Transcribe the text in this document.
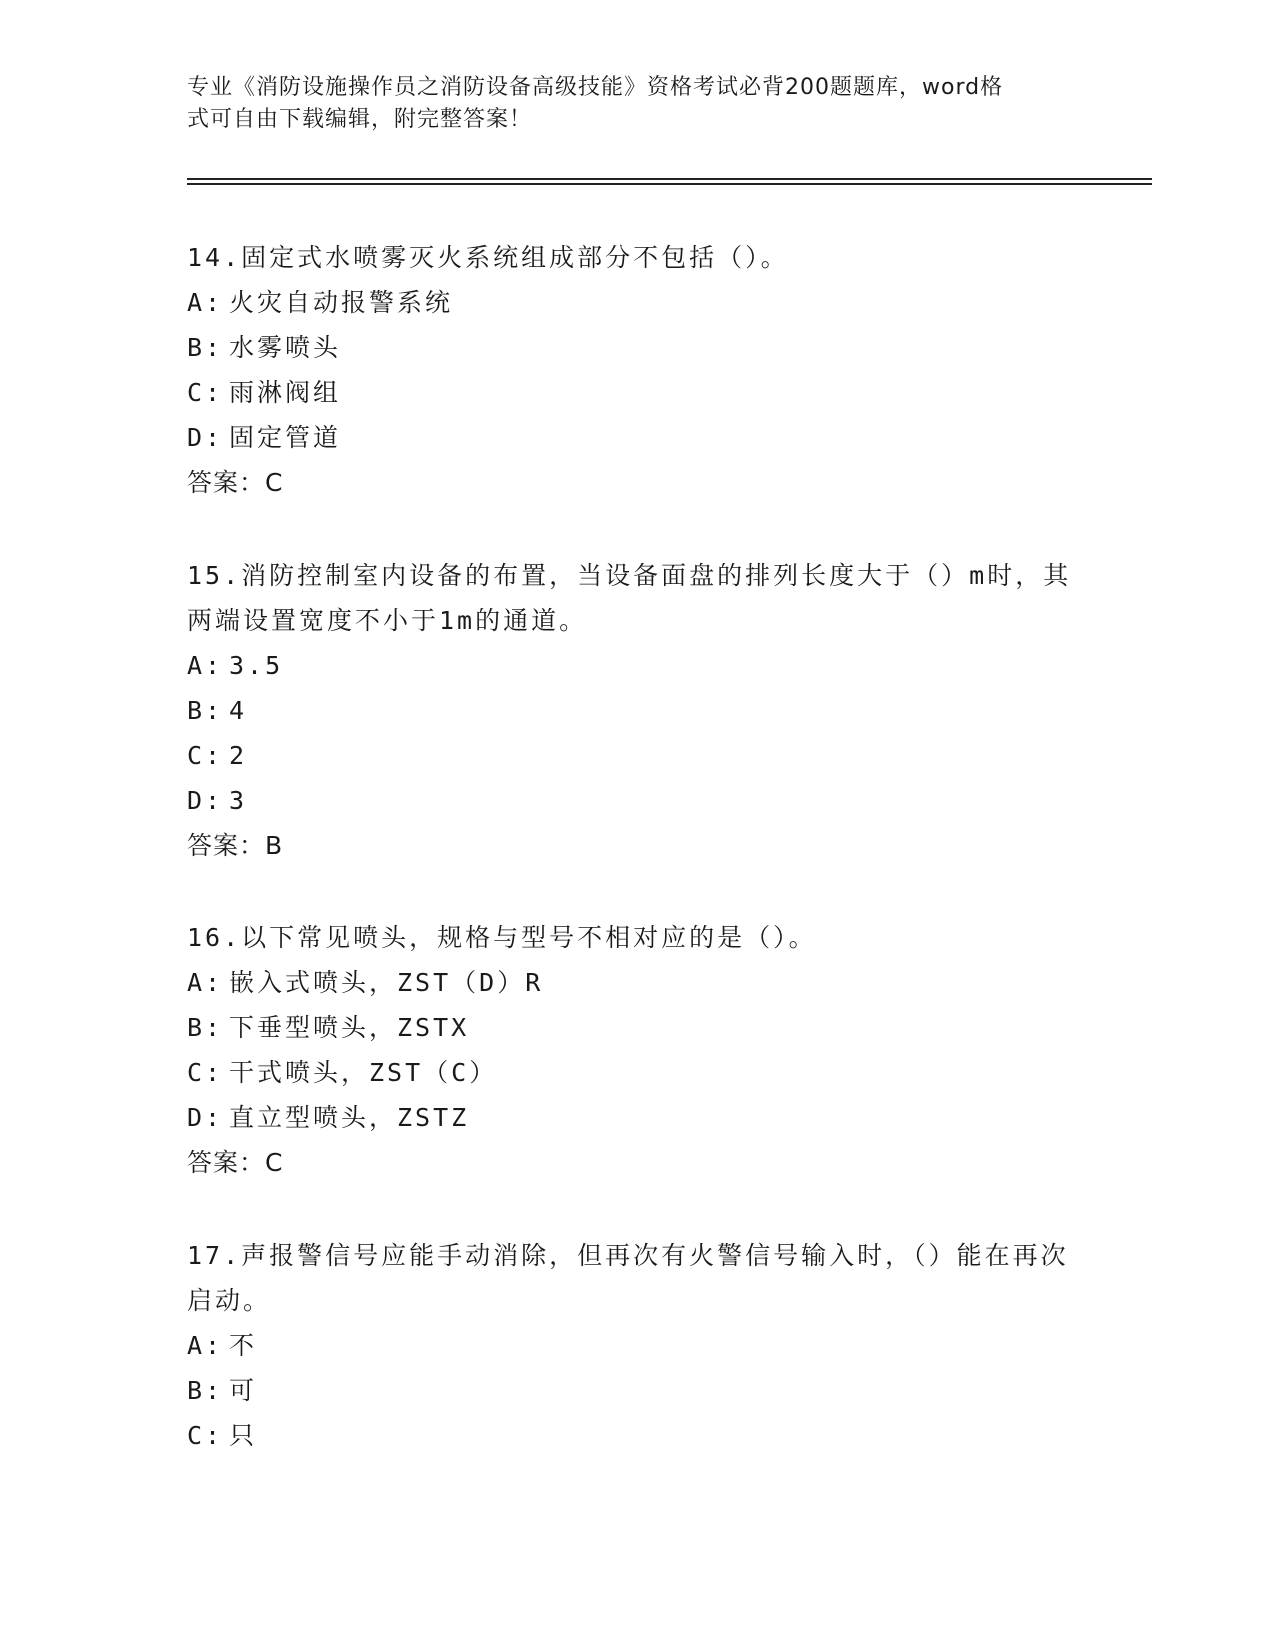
专业《消防设施操作员之消防设备高级技能》资格考试必背200题题库，word格
式可自由下载编辑，附完整答案！
14.固定式水喷雾灭火系统组成部分不包括（）。
A: 火灾自动报警系统
B: 水雾喷头
C: 雨淋阀组
D: 固定管道
答案：C
15.消防控制室内设备的布置，当设备面盘的排列长度大于（）m时，其两端设置宽度不小于1m的通道。
A: 3.5
B: 4
C: 2
D: 3
答案：B
16.以下常见喷头，规格与型号不相对应的是（）。
A: 嵌入式喷头，ZST（D）R
B: 下垂型喷头，ZSTX
C: 干式喷头，ZST（C）
D: 直立型喷头，ZSTZ
答案：C
17.声报警信号应能手动消除，但再次有火警信号输入时，（）能在再次启动。
A: 不
B: 可
C: 只
